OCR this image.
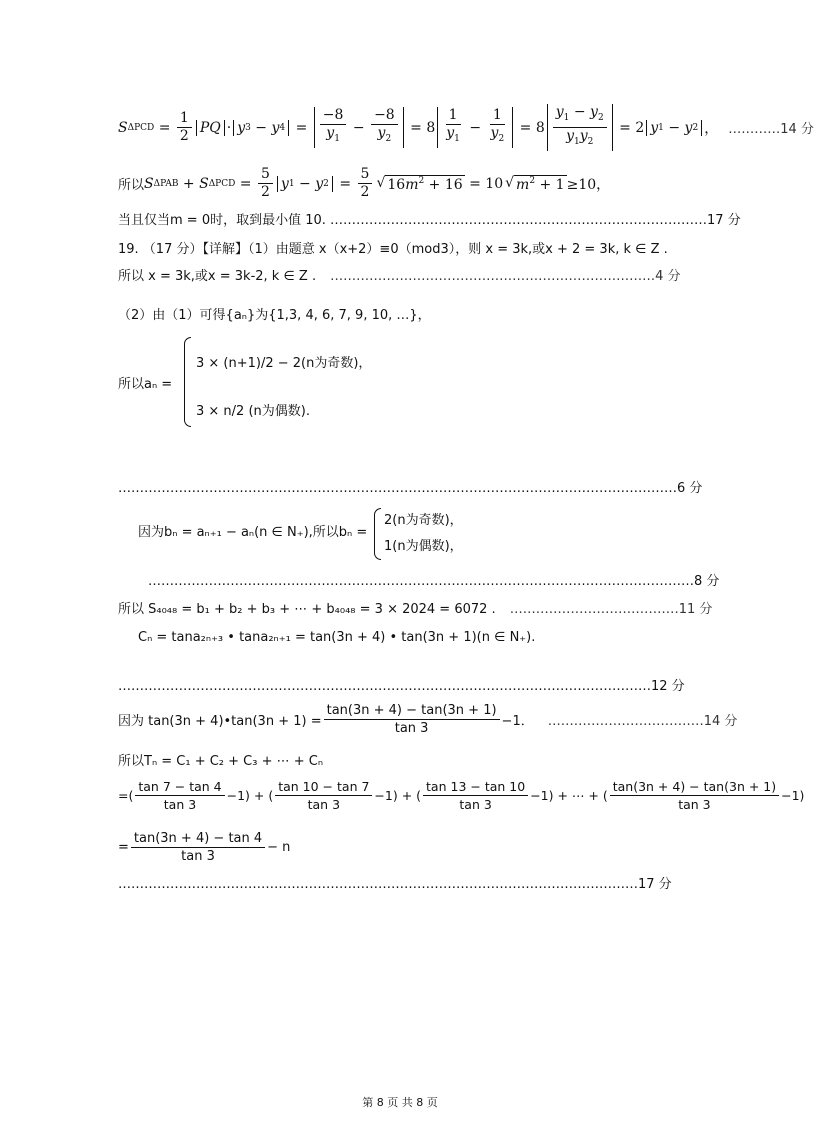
S $\Delta PCD = \frac{1}{2}$ PQ · y 3 − y $4 = \frac{-8}{y_1} - \frac{-8}{y_2} = 8 \frac{1}{y_1} - \frac{1}{y_2} = 8 \frac{y_1 - y_2}{y_1y_2} = 2$ y 1 − y 2 ， …………14 分
所以 S ΔPAB + S $\Delta PCD = \frac{5}{2}$ y 1 − y $2 = \frac{5}{2}$ √ $16m^2 + 16 = 10$ √ $m^2 + 1 \ge 10$，
当且仅当m = 0时，取到最小值 10. ……………………………………………………………………………17 分
19. （17 分）【详解】（1）由题意 x（x+2）≡0（mod3），则 x = 3k,或x + 2 = 3k, k ∈ Z .
所以 x = 3k,或x = 3k-2, k ∈ Z . …………………………………………………………………4 分
（2）由（1）可得{aₙ}为{1,3, 4, 6, 7, 9, 10, …}，
所以aₙ =
3 × (n+1)/2 − 2(n为奇数)，
3 × n/2 (n为偶数).
…………………………………………………………………………………………………………………6 分
因为bₙ = aₙ₊₁ − aₙ(n ∈ N₊),所以bₙ =
2(n为奇数)，
1(n为偶数)，
………………………………………………………………………………………………………………8 分
所以 S₄₀₄₈ = b₁ + b₂ + b₃ + ⋯ + b₄₀₄₈ = 3 × 2024 = 6072 . …………………………………11 分
Cₙ = tana₂ₙ₊₃ • tana₂ₙ₊₁ = tan(3n + 4) • tan(3n + 1)(n ∈ N₊).
……………………………………………………………………………………………………………12 分
因为 tan(3n + 4)•tan(3n + $1) = \frac{\tan(3n + 4) - \tan(3n + 1)}{\tan 3} -1$． ………………………………14 分
所以Tₙ = C₁ + C₂ + C₃ + ⋯ + Cₙ
=( $\frac{\tan 7 - \tan 4}{\tan 3} -1$) + ( $\frac{\tan 10 - \tan 7}{\tan 3} -1$) + ( $\frac{\tan 13 - \tan 10}{\tan 3} -1$) + ⋯ + ( $\frac{\tan(3n + 4) - \tan(3n + 1)}{\tan 3} -1$)
= $\frac{\tan(3n + 4) - \tan 4}{\tan 3} - n$
…………………………………………………………………………………………………………17 分
第 8 页 共 8 页
